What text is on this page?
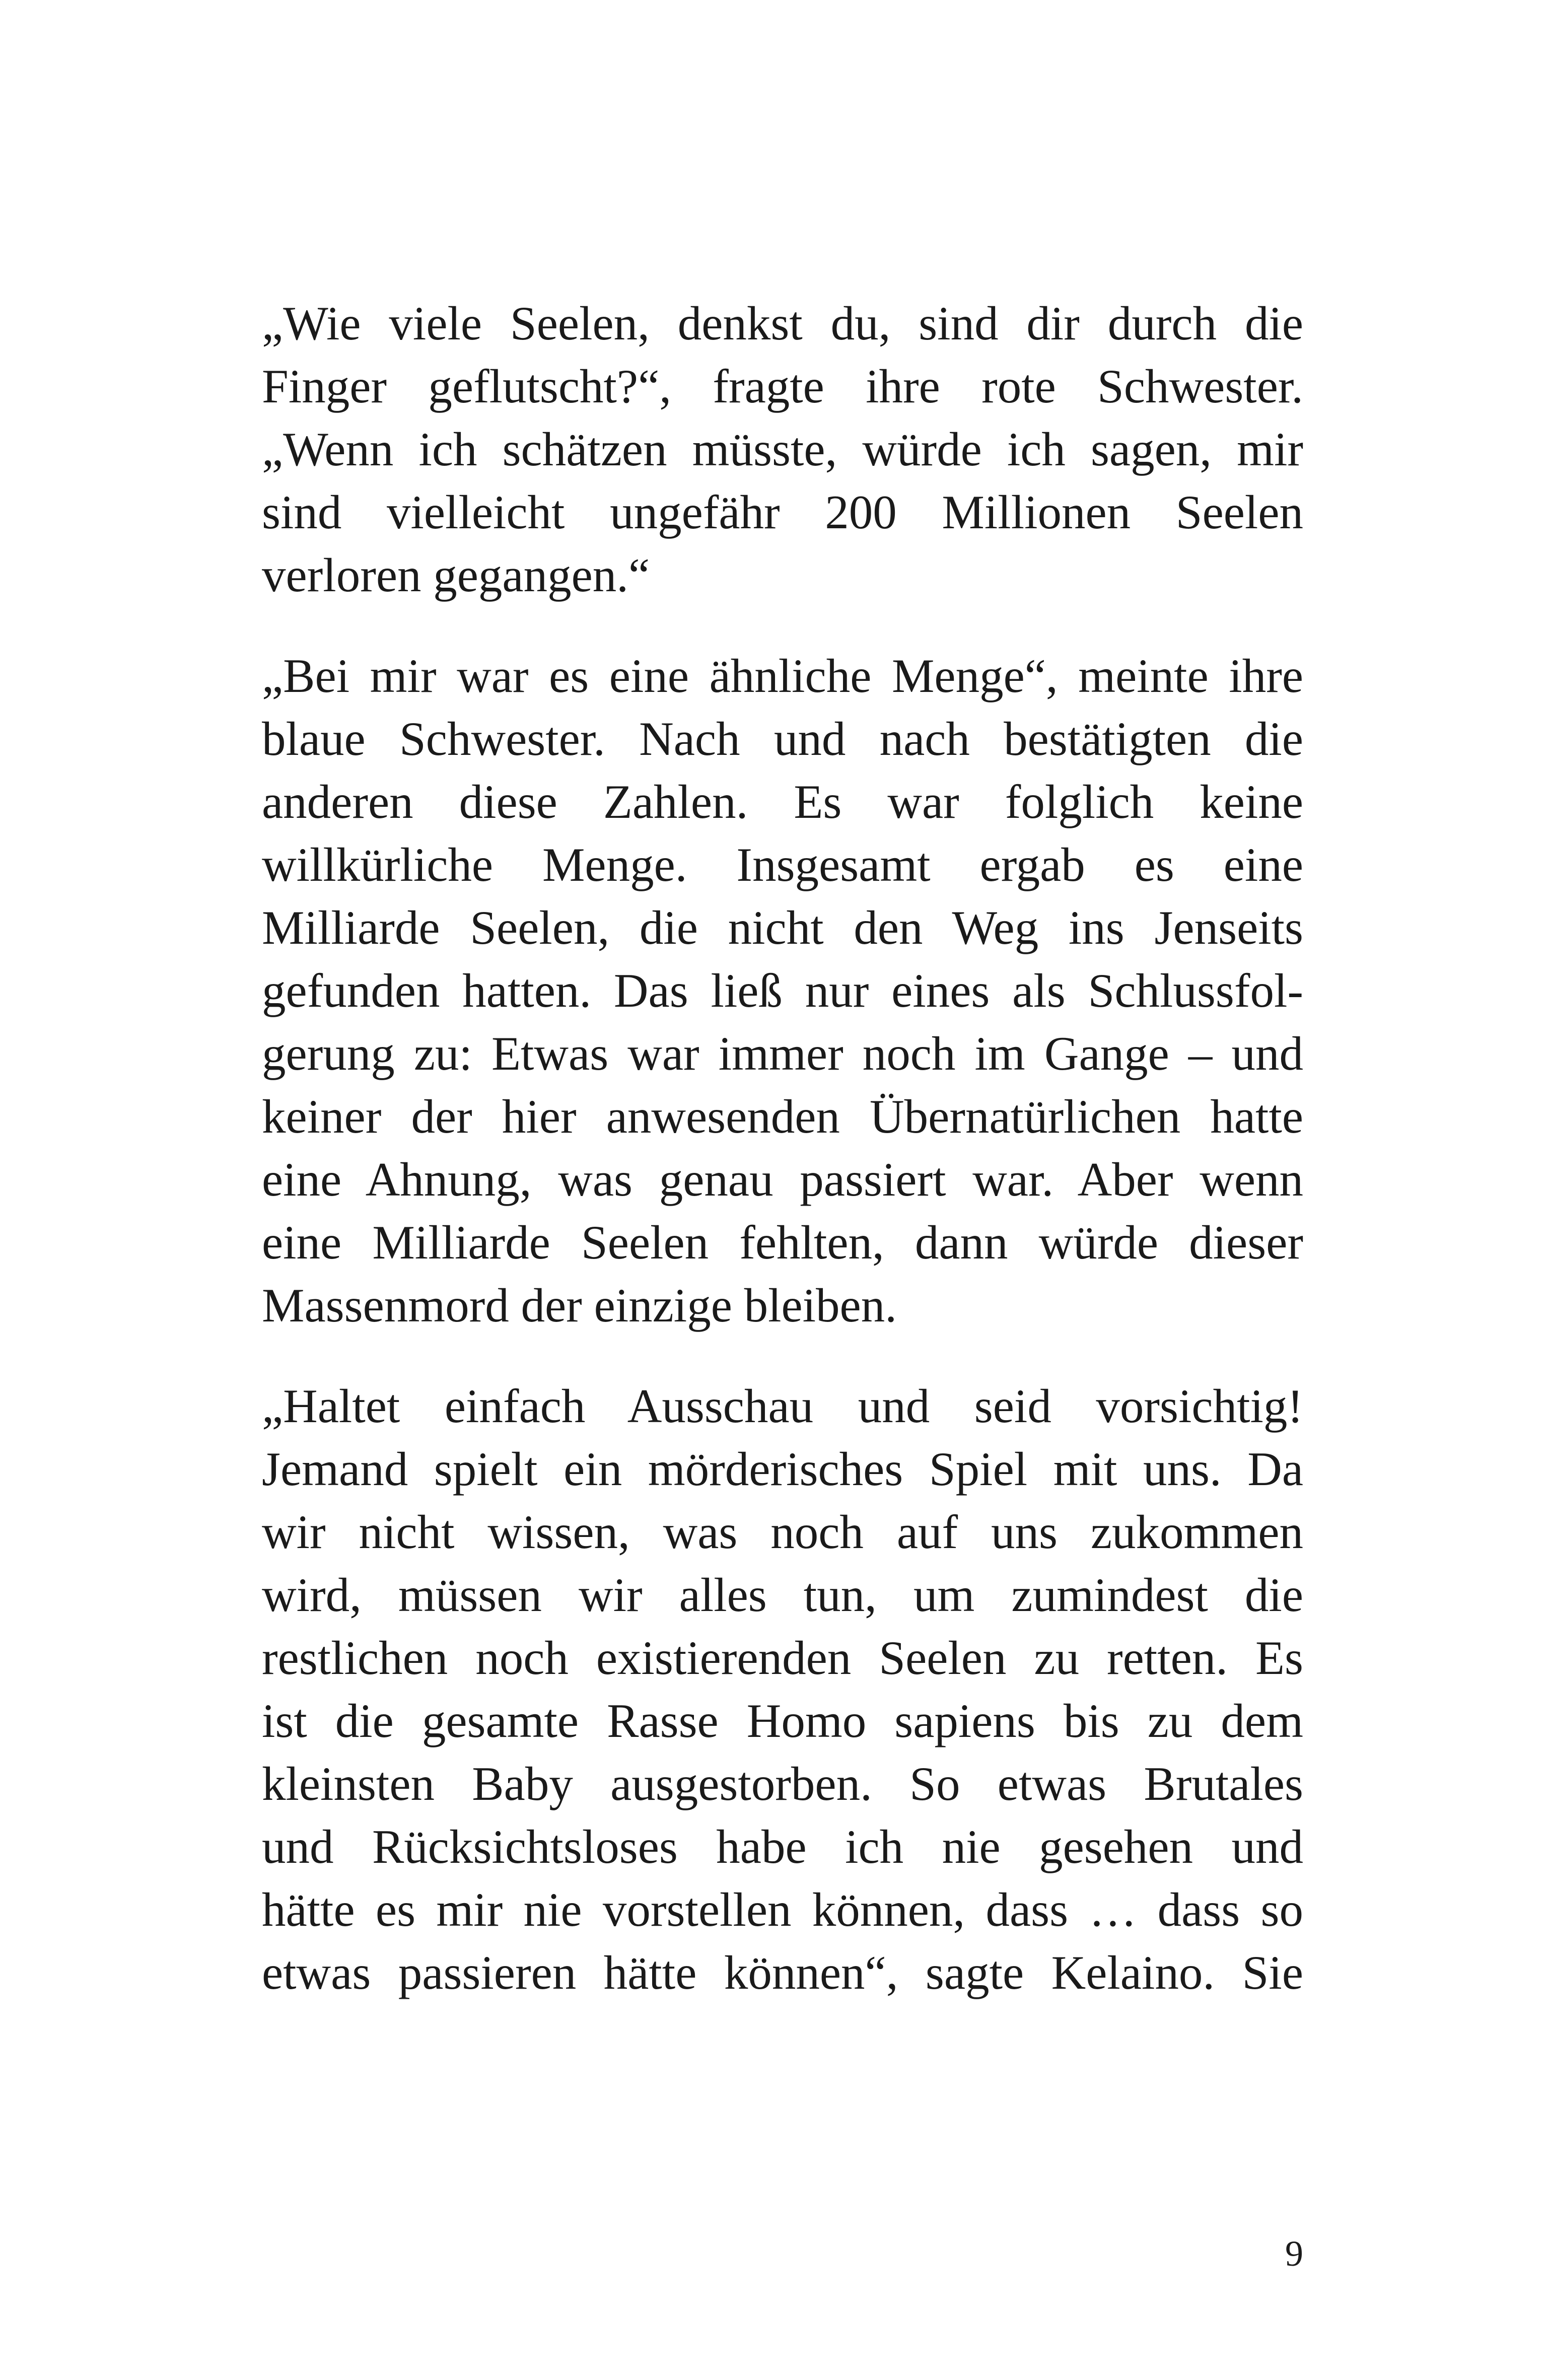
„Wie viele Seelen, denkst du, sind dir durch die
Finger geflutscht?“, fragte ihre rote Schwester.
„Wenn ich schätzen müsste, würde ich sagen, mir
sind vielleicht ungefähr 200 Millionen Seelen
verloren gegangen.“

„Bei mir war es eine ähnliche Menge“, meinte ihre
blaue Schwester. Nach und nach bestätigten die
anderen diese Zahlen. Es war folglich keine
willkürliche Menge. Insgesamt ergab es eine
Milliarde Seelen, die nicht den Weg ins Jenseits
gefunden hatten. Das ließ nur eines als Schlussfol-
gerung zu: Etwas war immer noch im Gange – und
keiner der hier anwesenden Übernatürlichen hatte
eine Ahnung, was genau passiert war. Aber wenn
eine Milliarde Seelen fehlten, dann würde dieser
Massenmord der einzige bleiben.

„Haltet einfach Ausschau und seid vorsichtig!
Jemand spielt ein mörderisches Spiel mit uns. Da
wir nicht wissen, was noch auf uns zukommen
wird, müssen wir alles tun, um zumindest die
restlichen noch existierenden Seelen zu retten. Es
ist die gesamte Rasse Homo sapiens bis zu dem
kleinsten Baby ausgestorben. So etwas Brutales
und Rücksichtsloses habe ich nie gesehen und
hätte es mir nie vorstellen können, dass … dass so
etwas passieren hätte können“, sagte Kelaino. Sie

9
